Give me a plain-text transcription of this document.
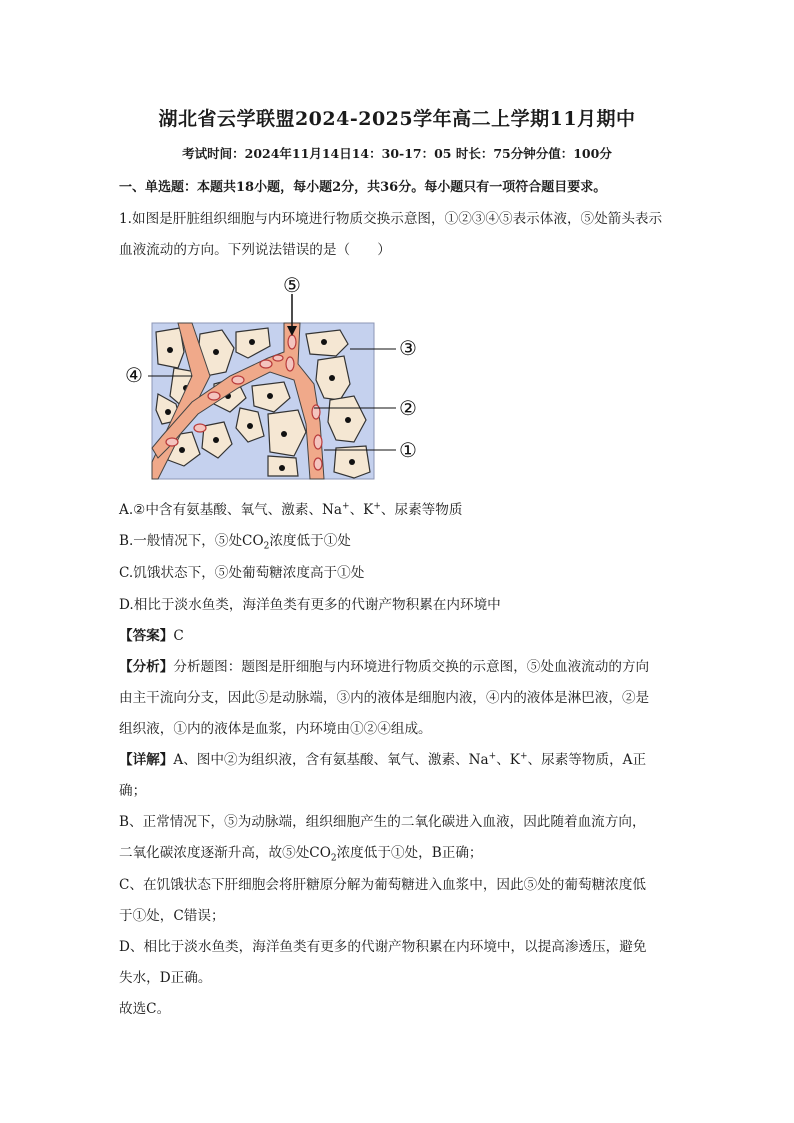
湖北省云学联盟2024-2025学年高二上学期11月期中
考试时间：2024年11月14日14：30-17：05 时长：75分钟分值：100分
一、单选题：本题共18小题，每小题2分，共36分。每小题只有一项符合题目要求。
1.如图是肝脏组织细胞与内环境进行物质交换示意图，①②③④⑤表示体液，⑤处箭头表示
血液流动的方向。下列说法错误的是（　　）
⑤
③
②
①
④
A.②中含有氨基酸、氧气、激素、Na+、K+、尿素等物质
B.一般情况下，⑤处$CO_2$浓度低于①处
C.饥饿状态下，⑤处葡萄糖浓度高于①处
D.相比于淡水鱼类，海洋鱼类有更多的代谢产物积累在内环境中
【答案】C
【分析】分析题图：题图是肝细胞与内环境进行物质交换的示意图，⑤处血液流动的方向
由主干流向分支，因此⑤是动脉端，③内的液体是细胞内液，④内的液体是淋巴液，②是
组织液，①内的液体是血浆，内环境由①②④组成。
【详解】A、图中②为组织液，含有氨基酸、氧气、激素、Na+、K+、尿素等物质，A正
确；
B、正常情况下，⑤为动脉端，组织细胞产生的二氧化碳进入血液，因此随着血流方向，
二氧化碳浓度逐渐升高，故⑤处$CO_2$浓度低于①处，B正确；
C、在饥饿状态下肝细胞会将肝糖原分解为葡萄糖进入血浆中，因此⑤处的葡萄糖浓度低
于①处，C错误；
D、相比于淡水鱼类，海洋鱼类有更多的代谢产物积累在内环境中，以提高渗透压，避免
失水，D正确。
故选C。
